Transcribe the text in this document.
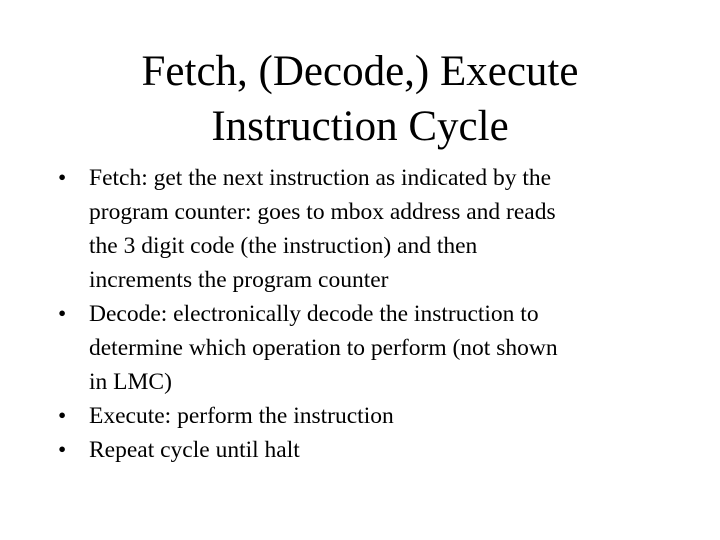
Fetch, (Decode,) Execute
Instruction Cycle
• Fetch: get the next instruction as indicated by the
program counter: goes to mbox address and reads
the 3 digit code (the instruction) and then
increments the program counter
• Decode: electronically decode the instruction to
determine which operation to perform (not shown
in LMC)
• Execute: perform the instruction
• Repeat cycle until halt
